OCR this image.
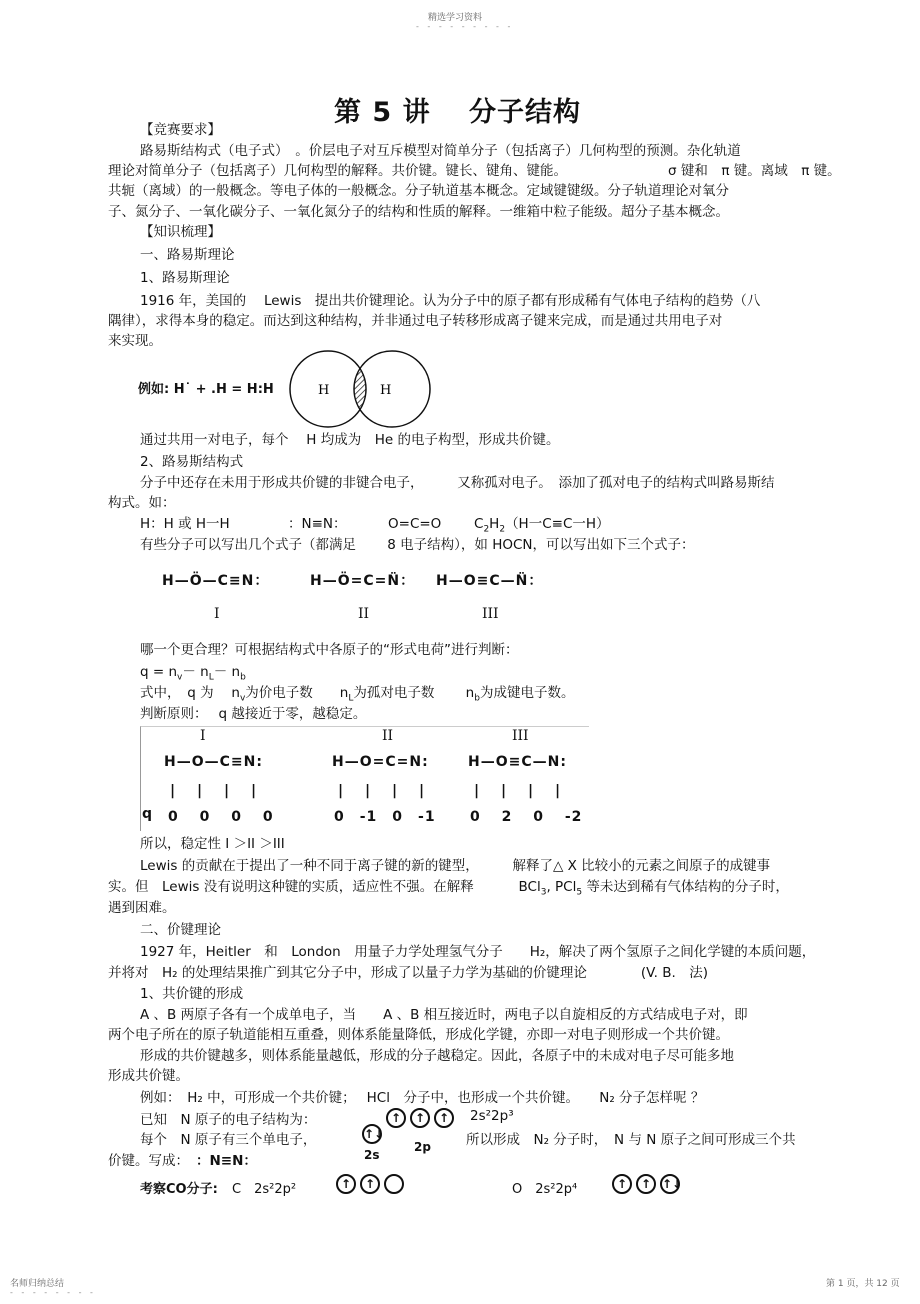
精选学习资料
- - - - - - - - -
第 5 讲　 分子结构
【竞赛要求】
路易斯结构式（电子式）　。价层电子对互斥模型对简单分子（包括离子）几何构型的预测。杂化轨道
理论对简单分子（包括离子）几何构型的解释。共价键。键长、键角、键能。	σ 键和　π 键。离域　π 键。
共轭（离域）的一般概念。等电子体的一般概念。分子轨道基本概念。定域键键级。分子轨道理论对氧分
子、氮分子、一氧化碳分子、一氧化氮分子的结构和性质的解释。一维箱中粒子能级。超分子基本概念。
【知识梳理】
一、路易斯理论
1、路易斯理论
1916 年，美国的　 Lewis　提出共价键理论。认为分子中的原子都有形成稀有气体电子结构的趋势（八
隅律），求得本身的稳定。而达到这种结构，并非通过电子转移形成离子键来完成，而是通过共用电子对
来实现。
例如: H˙ + .H = H:H	H	H
通过共用一对电子，每个　 H 均成为　He 的电子构型，形成共价键。
2、路易斯结构式
分子中还存在未用于形成共价键的非键合电子，　　　又称孤对电子。　添加了孤对电子的结构式叫路易斯结
构式。如：
H：H 或 H一H	：N≡N：	O=C=O $C_2H_2(H$一C≡C一H）
有些分子可以写出几个式子（都满足　　 8 电子结构），如 HOCN，可以写出如下三个式子：
H—Ö—C≡N：	H—Ö=C=N̈： H—O≡C—N̈：
I	II	III
哪一个更合理？可根据结构式中各原子的“形式电荷”进行判断：
$q = n_v- n_L- n_b$
式中，　q 为　 $n_v$为价电子数　　$n_L$为孤对电子数　　 $n_b$为成键电子数。
判断原则：　 q 越接近于零，越稳定。
I	II	III
H—O—C≡N:	H—O=C=N:	H—O≡C—N:
|　 |　 |　 |	|　 |　 |　 |	|　 |　 |　 |
q 0　 0　 0　 0	0　-1　0　-1 0　 2　 0　 -2
所以，稳定性 I ＞II ＞III
Lewis 的贡献在于提出了一种不同于离子键的新的键型，　　　解释了△ X 比较小的元素之间原子的成键事
实。但　Lewis 没有说明这种键的实质，适应性不强。在解释　　　 BCl$_3$, PCl$_5$ 等未达到稀有气体结构的分子时，
遇到困难。
二、价键理论
1927 年，Heitler　和　London　用量子力学处理氢气分子　　H₂，解决了两个氢原子之间化学键的本质问题，
并将对　H₂ 的处理结果推广到其它分子中，形成了以量子力学为基础的价键理论　　　　(V. B.　法)
1、共价键的形成
A 、B 两原子各有一个成单电子，当　　A 、B 相互接近时，两电子以自旋相反的方式结成电子对，即
两个电子所在的原子轨道能相互重叠，则体系能量降低，形成化学键，亦即一对电子则形成一个共价键。
形成的共价键越多，则体系能量越低，形成的分子越稳定。因此，各原子中的未成对电子尽可能多地
形成共价键。
例如：　H₂ 中，可形成一个共价键；　 HCl　分子中，也形成一个共价键。　　N₂ 分子怎样呢 ？
已知　N 原子的电子结构为：	2s²2p³
↑↓
↑	↑	↑
2s
2p
每个　N 原子有三个单电子，	所以形成　N₂ 分子时，　N 与 N 原子之间可形成三个共
价键。写成： ：N≡N：
考察CO分子: C　2s²2p²	↑	↑	O　2s²2p⁴	↑	↑ ↑↓
名师归纳总结
- - - - - - - -
第 1 页，共 12 页
